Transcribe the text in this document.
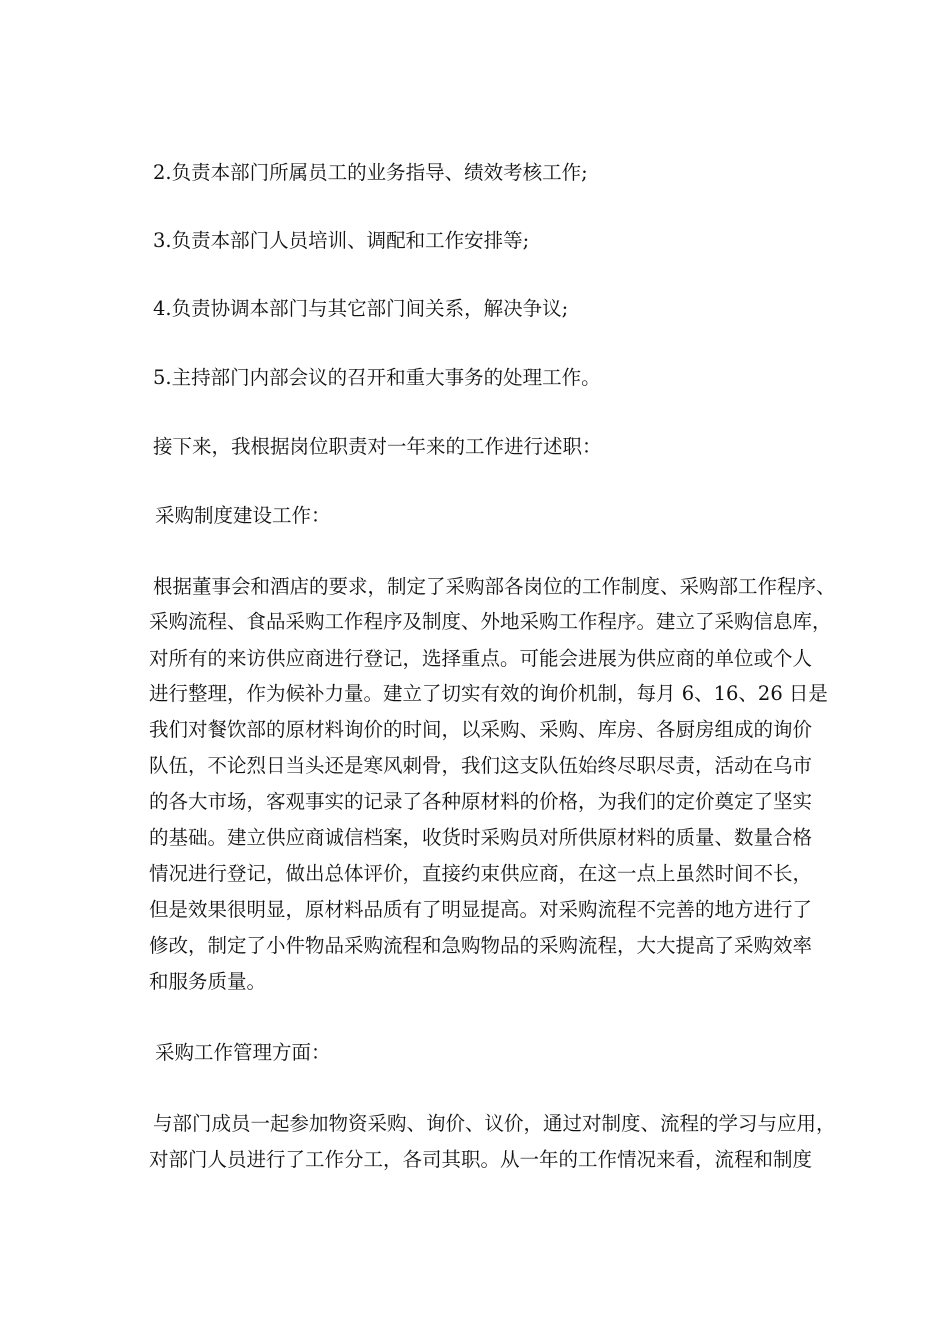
2.负责本部门所属员工的业务指导、绩效考核工作;

3.负责本部门人员培训、调配和工作安排等;

4.负责协调本部门与其它部门间关系，解决争议;

5.主持部门内部会议的召开和重大事务的处理工作。

接下来，我根据岗位职责对一年来的工作进行述职：

采购制度建设工作：

根据董事会和酒店的要求，制定了采购部各岗位的工作制度、采购部工作程序、

采购流程、食品采购工作程序及制度、外地采购工作程序。建立了采购信息库，

对所有的来访供应商进行登记，选择重点。可能会进展为供应商的单位或个人

进行整理，作为候补力量。建立了切实有效的询价机制，每月 6、16、26 日是

我们对餐饮部的原材料询价的时间，以采购、采购、库房、各厨房组成的询价

队伍，不论烈日当头还是寒风刺骨，我们这支队伍始终尽职尽责，活动在乌市

的各大市场，客观事实的记录了各种原材料的价格，为我们的定价奠定了坚实

的基础。建立供应商诚信档案，收货时采购员对所供原材料的质量、数量合格

情况进行登记，做出总体评价，直接约束供应商，在这一点上虽然时间不长，

但是效果很明显，原材料品质有了明显提高。对采购流程不完善的地方进行了

修改，制定了小件物品采购流程和急购物品的采购流程，大大提高了采购效率

和服务质量。

采购工作管理方面：

与部门成员一起参加物资采购、询价、议价，通过对制度、流程的学习与应用，

对部门人员进行了工作分工，各司其职。从一年的工作情况来看，流程和制度
